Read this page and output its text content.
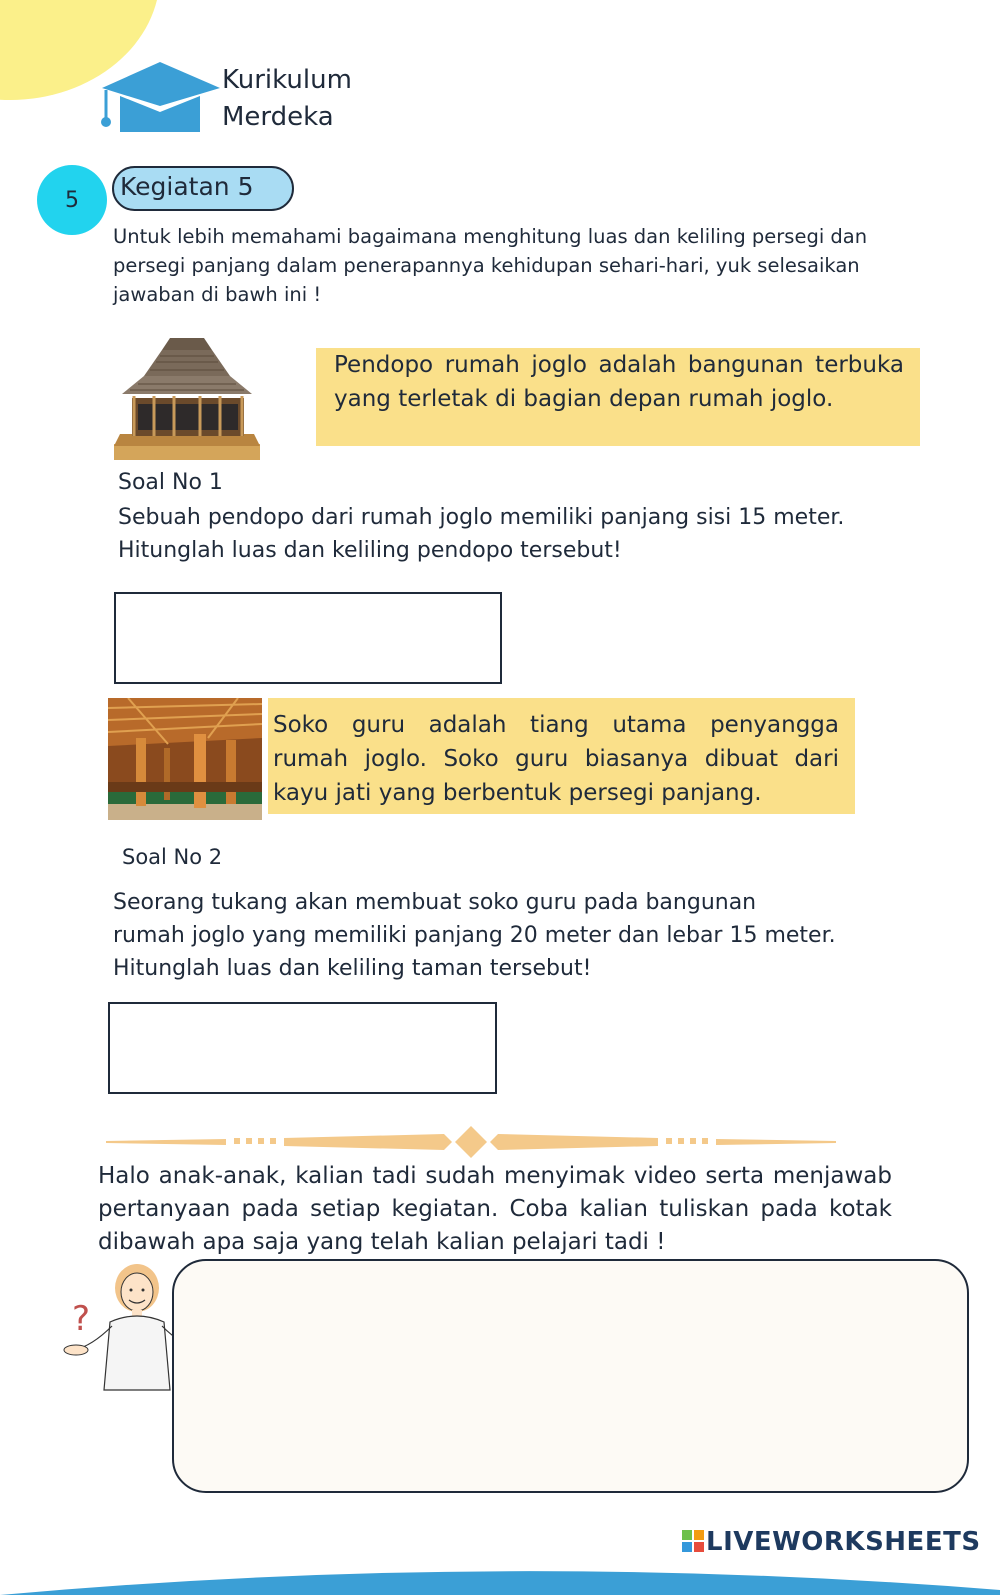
Kurikulum
Merdeka
5	Kegiatan 5
Untuk lebih memahami bagaimana menghitung luas dan keliling persegi dan persegi panjang dalam penerapannya kehidupan sehari-hari, yuk selesaikan jawaban di bawh ini !
Pendopo rumah joglo adalah bangunan terbuka yang terletak di bagian depan rumah joglo.
Soal No 1
Sebuah pendopo dari rumah joglo memiliki panjang sisi 15 meter.
Hitunglah luas dan keliling pendopo tersebut!
Soko guru adalah tiang utama penyangga rumah joglo. Soko guru biasanya dibuat dari kayu jati yang berbentuk persegi panjang.
Soal No 2
Seorang tukang akan membuat soko guru pada bangunan
rumah joglo yang memiliki panjang 20 meter dan lebar 15 meter.
Hitunglah luas dan keliling taman tersebut!
Halo anak-anak, kalian tadi sudah menyimak video serta menjawab pertanyaan pada setiap kegiatan. Coba kalian tuliskan pada kotak dibawah apa saja yang telah kalian pelajari tadi !
?
LIVEWORKSHEETS
